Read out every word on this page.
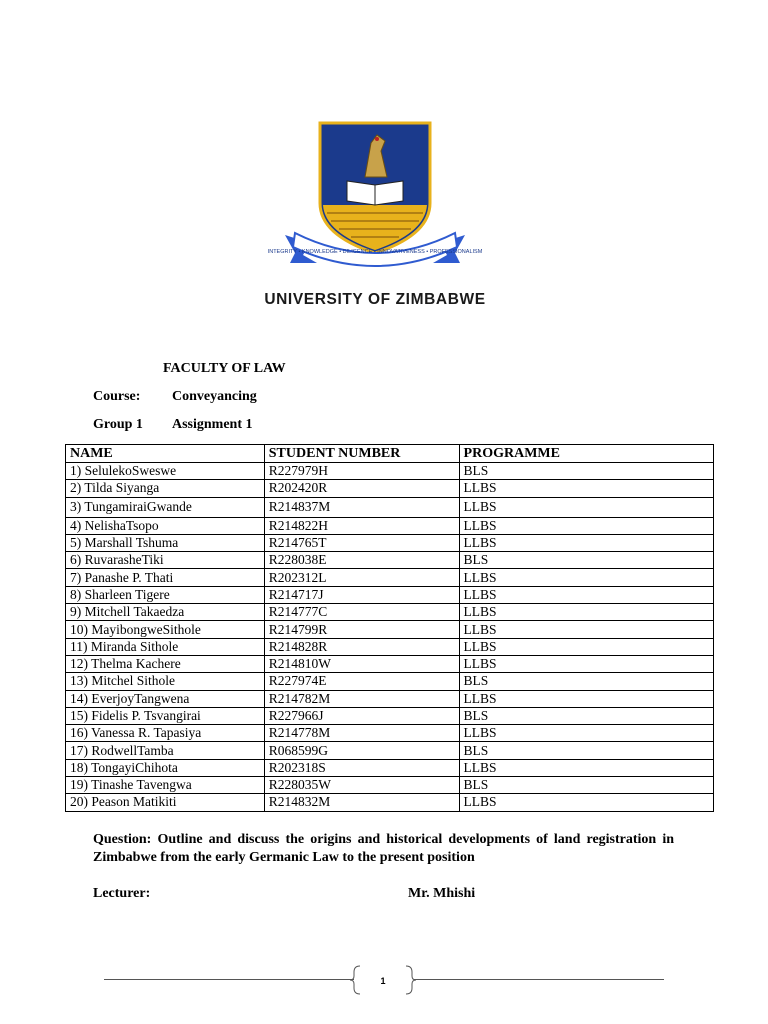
INTEGRITY • KNOWLEDGE • DILIGENCE • INNOVATIVENESS • PROFESSIONALISM
UNIVERSITY OF ZIMBABWE
FACULTY OF LAW
Course: Conveyancing
Group 1 Assignment 1
NAME	STUDENT NUMBER	PROGRAMME
1) SelulekoSweswe	R227979H	BLS
2) Tilda Siyanga	R202420R	LLBS
3) TungamiraiGwande	R214837M	LLBS
4) NelishaTsopo	R214822H	LLBS
5) Marshall Tshuma	R214765T	LLBS
6) RuvarasheTiki	R228038E	BLS
7) Panashe P. Thati	R202312L	LLBS
8) Sharleen Tigere	R214717J	LLBS
9) Mitchell Takaedza	R214777C	LLBS
10) MayibongweSithole	R214799R	LLBS
11) Miranda Sithole	R214828R	LLBS
12) Thelma Kachere	R214810W	LLBS
13) Mitchel Sithole	R227974E	BLS
14) EverjoyTangwena	R214782M	LLBS
15) Fidelis P. Tsvangirai	R227966J	BLS
16) Vanessa R. Tapasiya	R214778M	LLBS
17) RodwellTamba	R068599G	BLS
18) TongayiChihota	R202318S	LLBS
19) Tinashe Tavengwa	R228035W	BLS
20) Peason Matikiti	R214832M	LLBS
Question: Outline and discuss the origins and historical developments of land registration in Zimbabwe from the early Germanic Law to the present position
Lecturer:	Mr. Mhishi
1
